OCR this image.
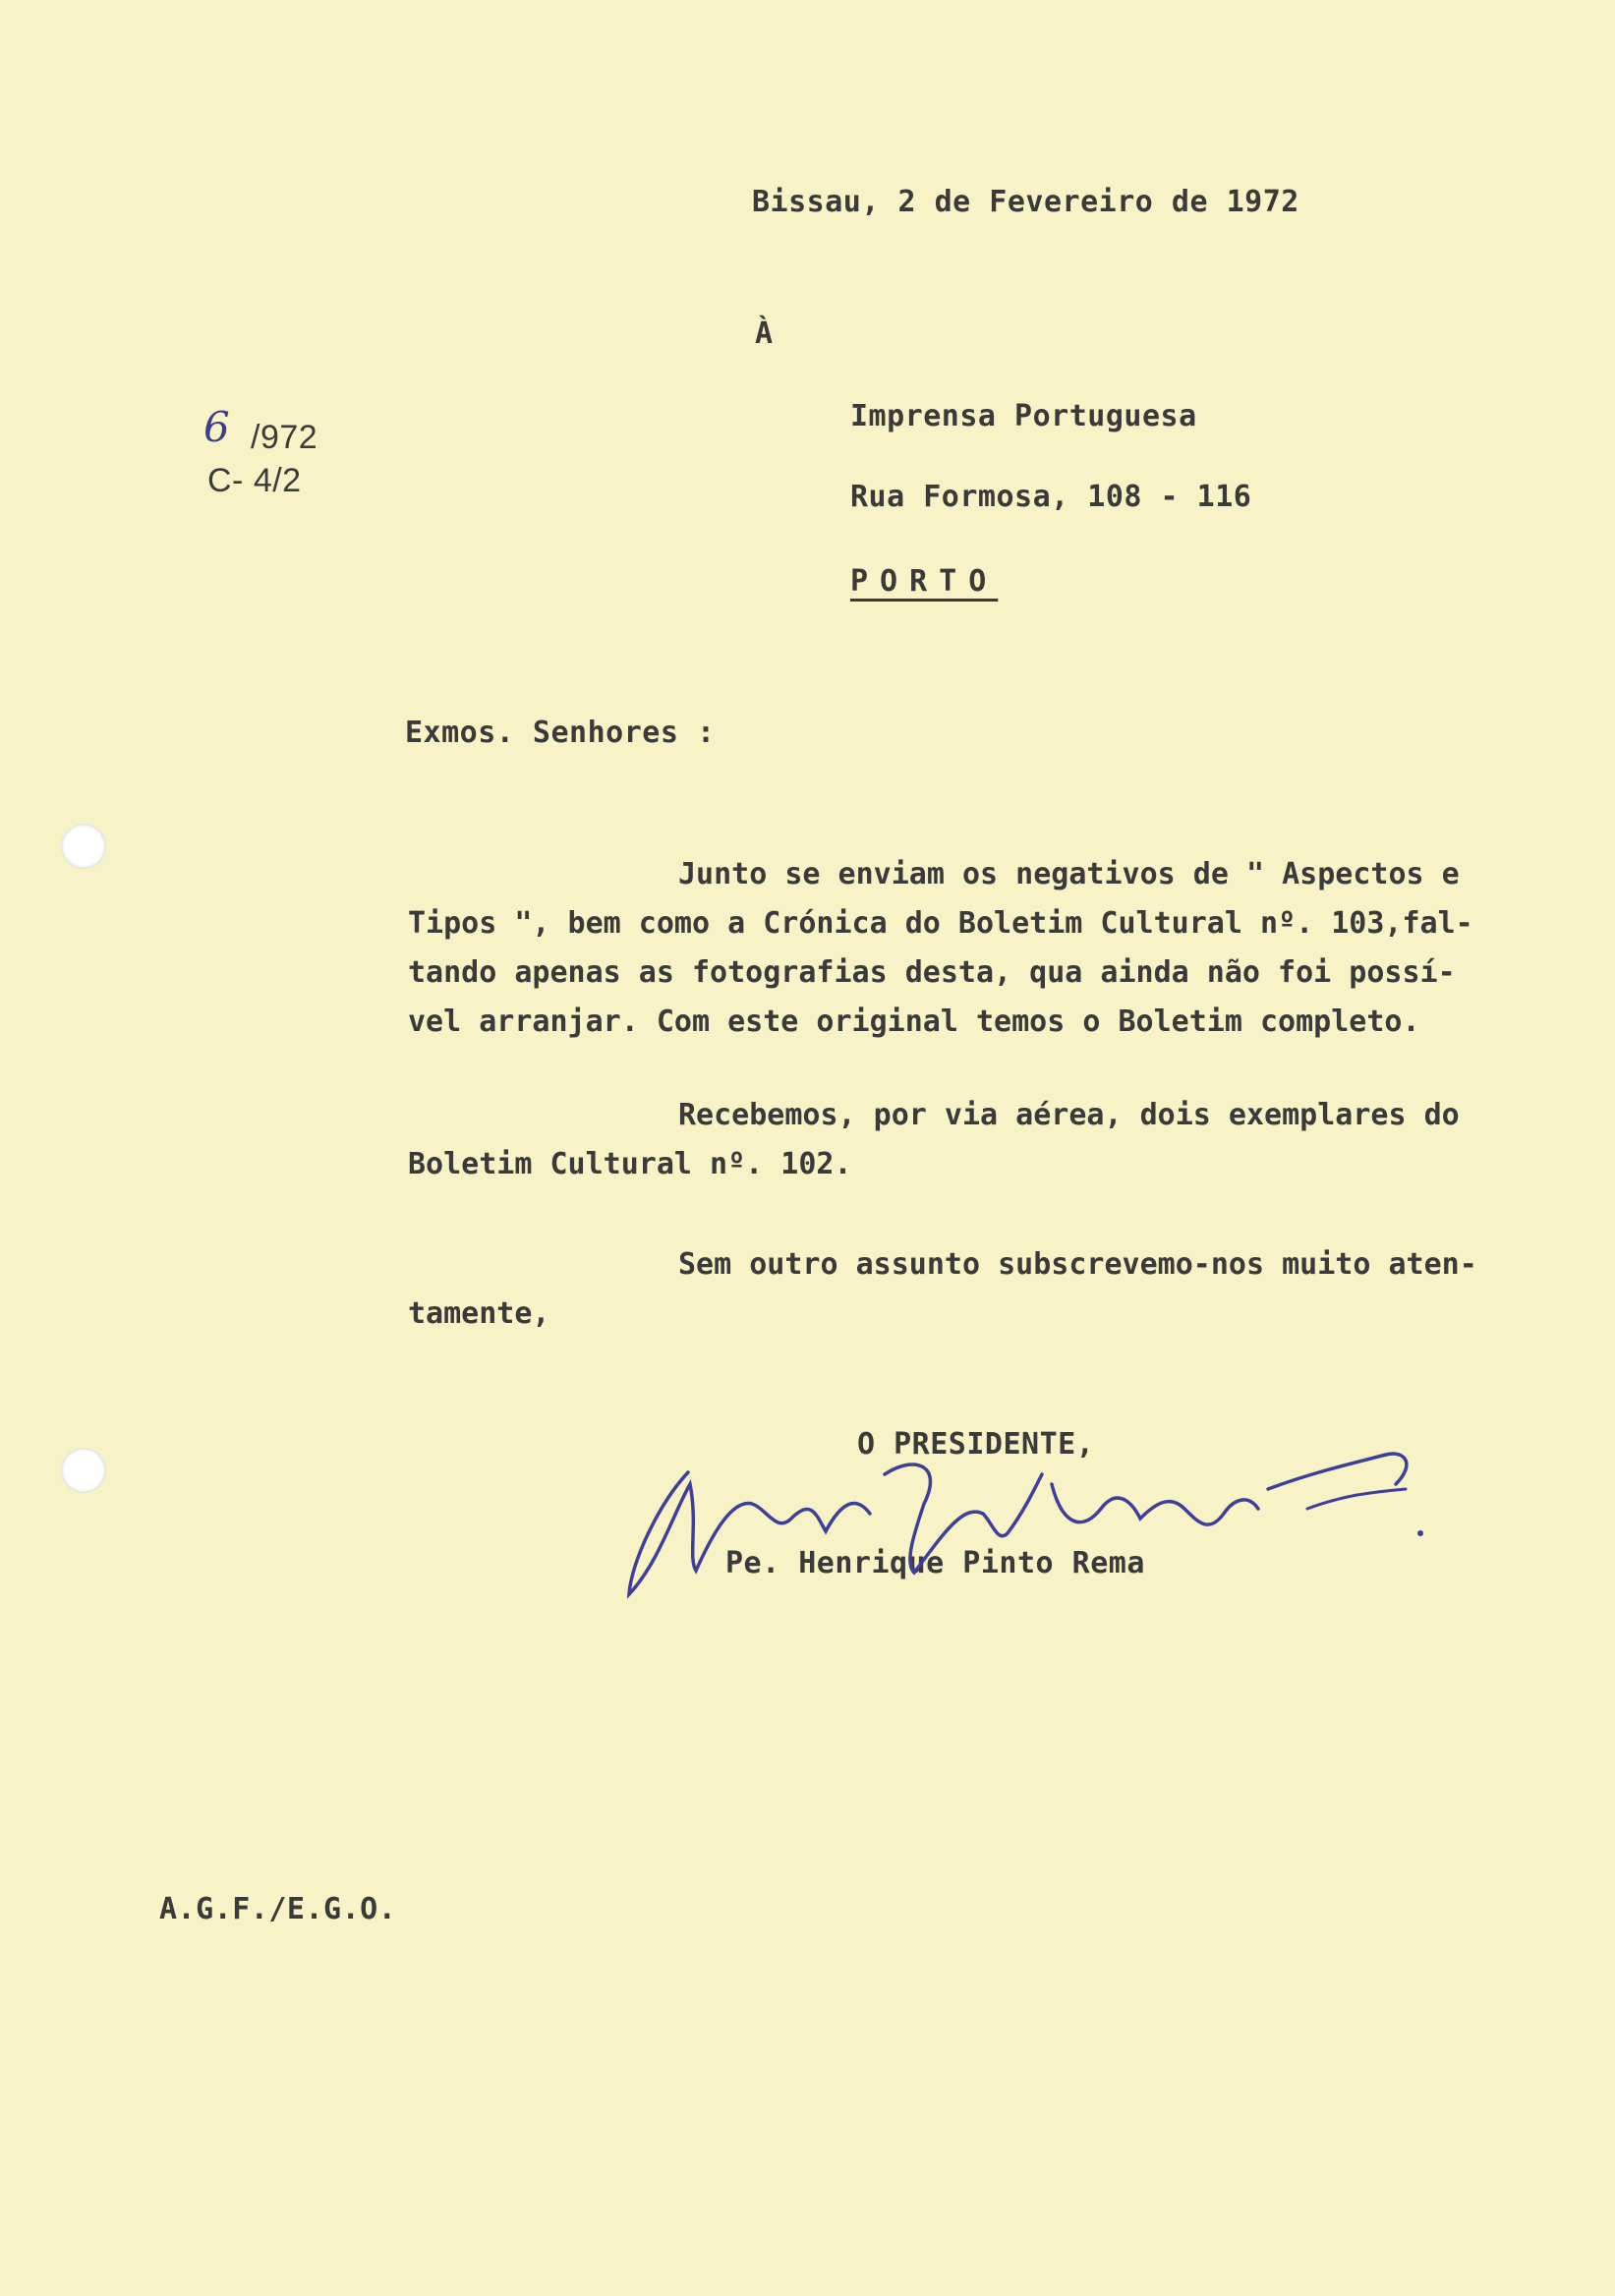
Bissau, 2 de Fevereiro de 1972
À
6 /972
C- 4/2
Imprensa Portuguesa
Rua Formosa, 108 - 116
PORTO
Exmos. Senhores :
Junto se enviam os negativos de " Aspectos e
Tipos ", bem como a Crónica do Boletim Cultural nº. 103,fal-
tando apenas as fotografias desta, qua ainda não foi possí-
vel arranjar. Com este original temos o Boletim completo.
Recebemos, por via aérea, dois exemplares do
Boletim Cultural nº. 102.
Sem outro assunto subscrevemo-nos muito aten-
tamente,
O PRESIDENTE,
Pe. Henrique Pinto Rema
A.G.F./E.G.O.
